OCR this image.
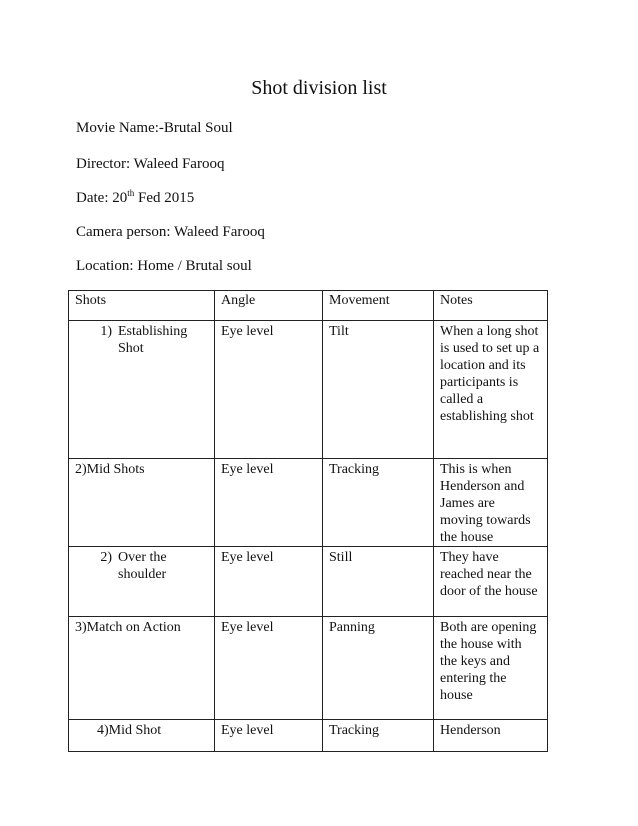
Shot division list
Movie Name:-Brutal Soul
Director: Waleed Farooq
Date: 20th Fed 2015
Camera person: Waleed Farooq
Location: Home / Brutal soul
Shots	Angle	Movement	Notes

1) Establishing Shot	Eye level	Tilt	When a long shot is used to set up a location and its participants is called a establishing shot
2)Mid Shots	Eye level	Tracking	This is when Henderson and James are moving towards the house

2) Over the shoulder	Eye level	Still	They have reached near the door of the house
3)Match on Action	Eye level	Panning	Both are opening the house with the keys and entering the house
4)Mid Shot	Eye level	Tracking	Henderson
